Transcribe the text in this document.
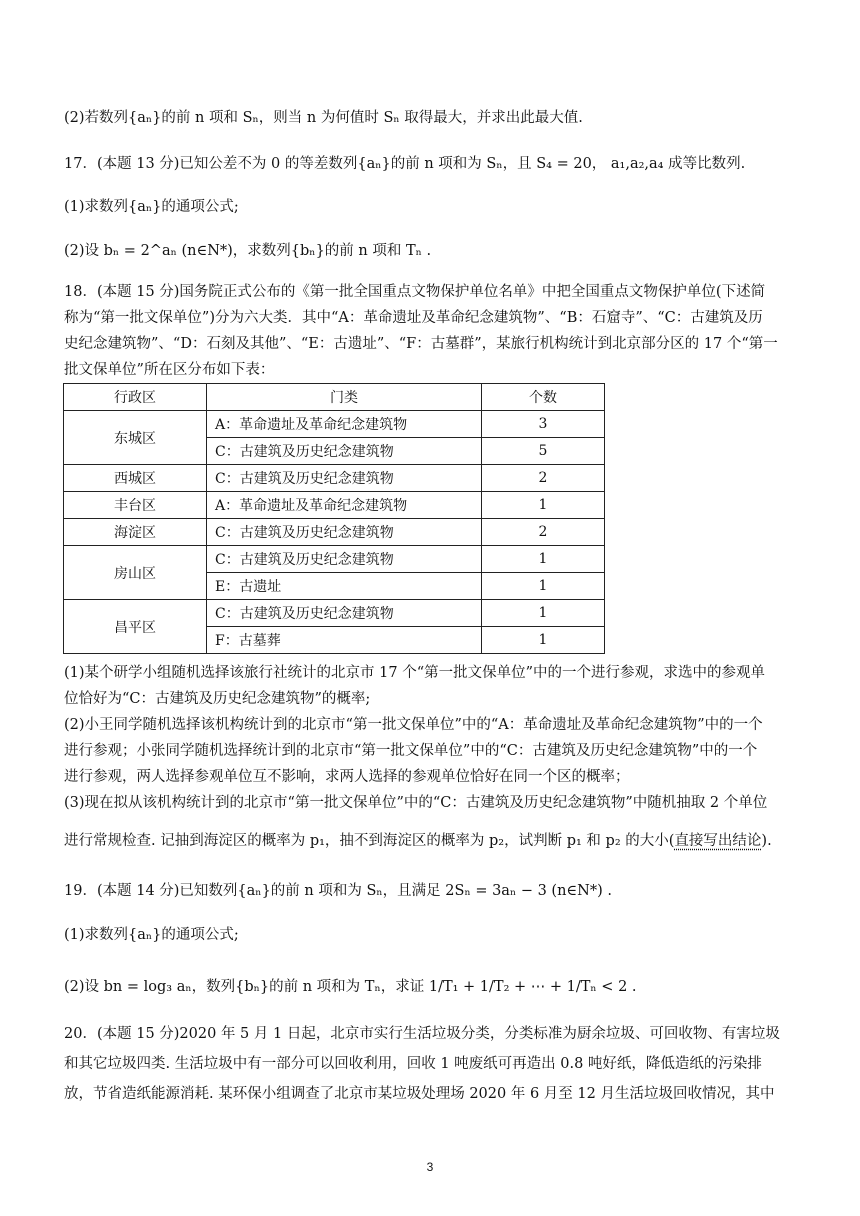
(2)若数列{aₙ}的前 n 项和 Sₙ，则当 n 为何值时 Sₙ 取得最大，并求出此最大值.
17．(本题 13 分)已知公差不为 0 的等差数列{aₙ}的前 n 项和为 Sₙ，且 S₄ = 20， a₁,a₂,a₄ 成等比数列.
(1)求数列{aₙ}的通项公式;
(2)设 bₙ = 2^aₙ (n∈N*)，求数列{bₙ}的前 n 项和 Tₙ .
18．(本题 15 分)国务院正式公布的《第一批全国重点文物保护单位名单》中把全国重点文物保护单位(下述简
称为“第一批文保单位”)分为六大类．其中“A：革命遗址及革命纪念建筑物”、“B：石窟寺”、“C：古建筑及历
史纪念建筑物”、“D：石刻及其他”、“E：古遗址”、“F：古墓群”，某旅行机构统计到北京部分区的 17 个“第一
批文保单位”所在区分布如下表：
行政区	门类	个数
东城区	A：革命遗址及革命纪念建筑物	3
	C：古建筑及历史纪念建筑物	5
西城区	C：古建筑及历史纪念建筑物	2
丰台区	A：革命遗址及革命纪念建筑物	1
海淀区	C：古建筑及历史纪念建筑物	2
房山区	C：古建筑及历史纪念建筑物	1
	E：古遗址	1
昌平区	C：古建筑及历史纪念建筑物	1
	F：古墓葬	1
(1)某个研学小组随机选择该旅行社统计的北京市 17 个“第一批文保单位”中的一个进行参观，求选中的参观单
位恰好为“C：古建筑及历史纪念建筑物”的概率;
(2)小王同学随机选择该机构统计到的北京市“第一批文保单位”中的“A：革命遗址及革命纪念建筑物”中的一个
进行参观；小张同学随机选择统计到的北京市“第一批文保单位”中的“C：古建筑及历史纪念建筑物”中的一个
进行参观，两人选择参观单位互不影响，求两人选择的参观单位恰好在同一个区的概率；
(3)现在拟从该机构统计到的北京市“第一批文保单位”中的“C：古建筑及历史纪念建筑物”中随机抽取 2 个单位
进行常规检查. 记抽到海淀区的概率为 p₁，抽不到海淀区的概率为 p₂，试判断 p₁ 和 p₂ 的大小(直接写出结论).
19．(本题 14 分)已知数列{aₙ}的前 n 项和为 Sₙ，且满足 2Sₙ = 3aₙ − 3 (n∈N*) .
(1)求数列{aₙ}的通项公式;
(2)设 bn = log₃ aₙ，数列{bₙ}的前 n 项和为 Tₙ，求证 1/T₁ + 1/T₂ + ⋯ + 1/Tₙ < 2 .
20．(本题 15 分)2020 年 5 月 1 日起，北京市实行生活垃圾分类，分类标准为厨余垃圾、可回收物、有害垃圾
和其它垃圾四类. 生活垃圾中有一部分可以回收利用，回收 1 吨废纸可再造出 0.8 吨好纸，降低造纸的污染排
放，节省造纸能源消耗. 某环保小组调查了北京市某垃圾处理场 2020 年 6 月至 12 月生活垃圾回收情况，其中
3
